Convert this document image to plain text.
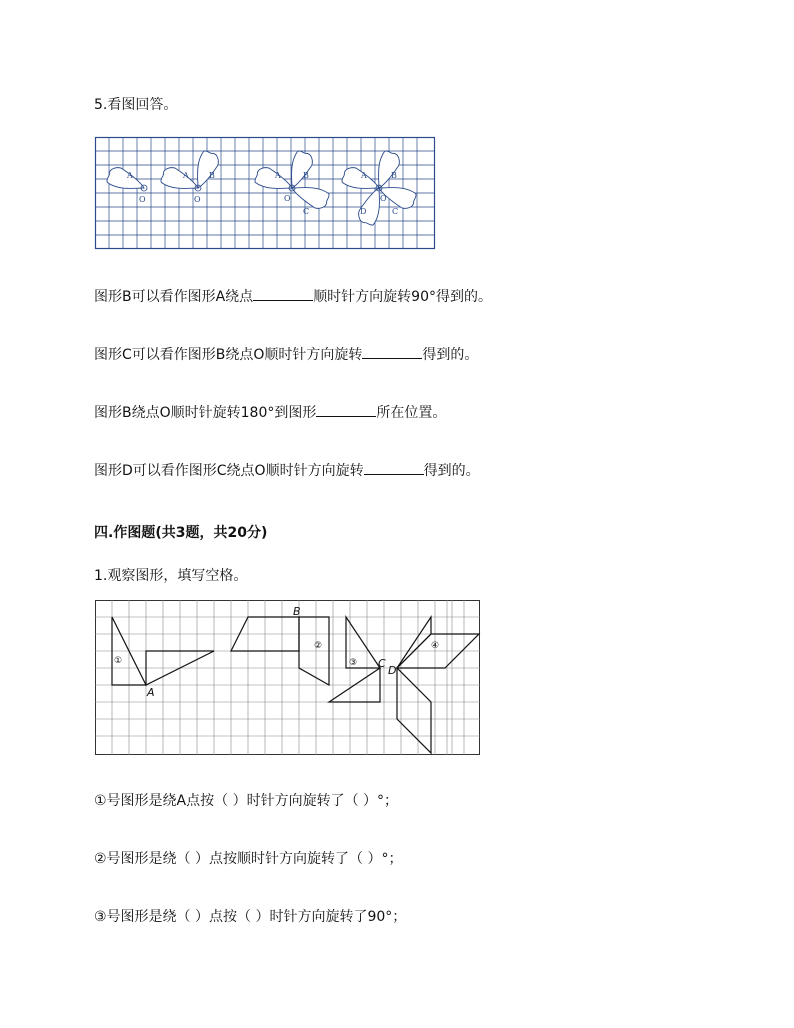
5.看图回答。
A
O
A	B
O
A	B
C
O
A	B
C
D
O
图形B可以看作图形A绕点	顺时针方向旋转90°得到的。
图形C可以看作图形B绕点O顺时针方向旋转	得到的。
图形B绕点O顺时针旋转180°到图形	所在位置。
图形D可以看作图形C绕点O顺时针方向旋转	得到的。
四.作图题(共3题，共20分)
1.观察图形，填写空格。
①
②
③
④
A
B
C
D
①号图形是绕A点按（ ）时针方向旋转了（ ）°；
②号图形是绕（ ）点按顺时针方向旋转了（ ）°；
③号图形是绕（ ）点按（ ）时针方向旋转了90°；
